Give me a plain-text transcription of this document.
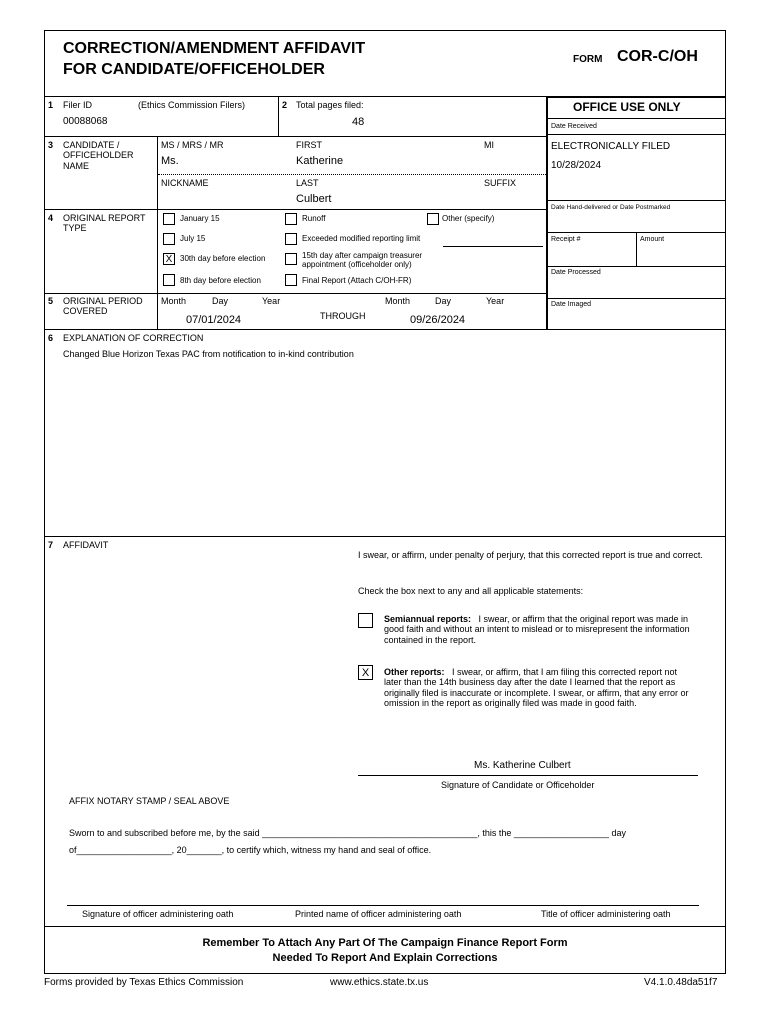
CORRECTION/AMENDMENT AFFIDAVIT
FOR CANDIDATE/OFFICEHOLDER
FORM COR-C/OH
1 Filer ID	(Ethics Commission Filers)
00088068
2 Total pages filed:
48
OFFICE USE ONLY
Date Received
ELECTRONICALLY FILED
10/28/2024
Date Hand-delivered or Date Postmarked
Receipt #	Amount
Date Processed
Date Imaged
3 CANDIDATE / OFFICEHOLDER NAME
MS / MRS / MR
Ms.
FIRST
Katherine
MI
NICKNAME	LAST
Culbert
SUFFIX
4 ORIGINAL REPORT TYPE
January 15
July 15
X 30th day before election
8th day before election
Runoff
Exceeded modified reporting limit
15th day after campaign treasurer appointment (officeholder only)
Final Report (Attach C/OH-FR)
Other (specify)
5 ORIGINAL PERIOD COVERED
Month	Day	Year
07/01/2024	THROUGH
Month	Day	Year
09/26/2024
6 EXPLANATION OF CORRECTION
Changed Blue Horizon Texas PAC from notification to in-kind contribution
7 AFFIDAVIT
I swear, or affirm, under penalty of perjury, that this corrected report is true and correct.
Check the box next to any and all applicable statements:
Semiannual reports: I swear, or affirm that the original report was made in good faith and without an intent to mislead or to misrepresent the information contained in the report.
X	Other reports: I swear, or affirm, that I am filing this corrected report not later than the 14th business day after the date I learned that the report as originally filed is inaccurate or incomplete. I swear, or affirm, that any error or omission in the report as originally filed was made in good faith.
Ms. Katherine Culbert
Signature of Candidate or Officeholder
AFFIX NOTARY STAMP / SEAL ABOVE
Sworn to and subscribed before me, by the said ___________________________________________, this the ___________________ day
of___________________, 20_______, to certify which, witness my hand and seal of office.
Signature of officer administering oath	Printed name of officer administering oath	Title of officer administering oath
Remember To Attach Any Part Of The Campaign Finance Report Form
Needed To Report And Explain Corrections
Forms provided by Texas Ethics Commission	www.ethics.state.tx.us	V4.1.0.48da51f7
